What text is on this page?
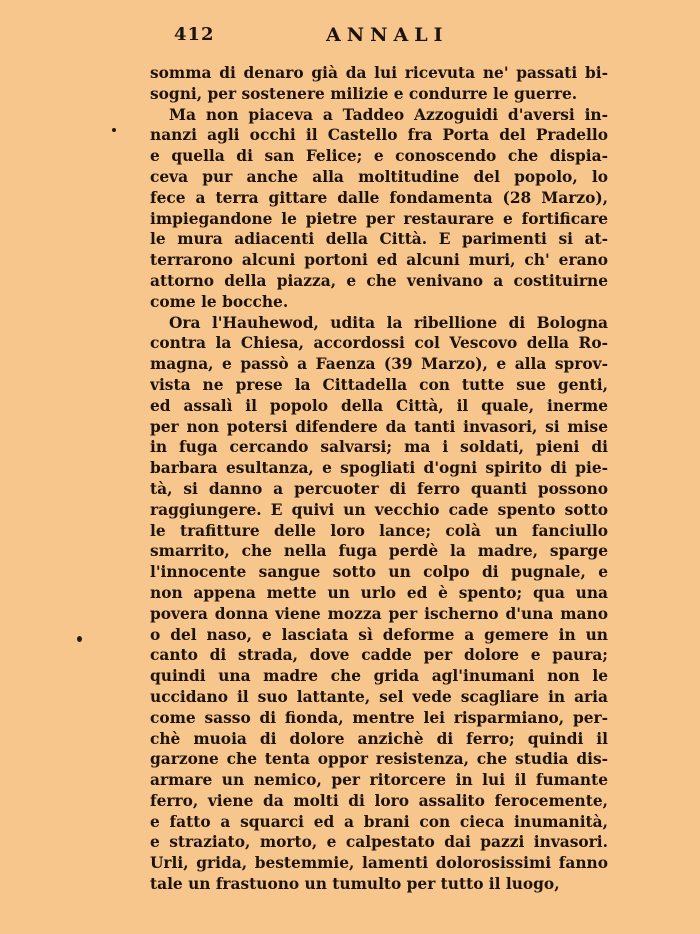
412	ANNALI
somma di denaro già da lui ricevuta ne' passati bi-
sogni, per sostenere milizie e condurre le guerre.
Ma non piaceva a Taddeo Azzoguidi d'aversi in-
nanzi agli occhi il Castello fra Porta del Pradello
e quella di san Felice; e conoscendo che dispia-
ceva pur anche alla moltitudine del popolo, lo
fece a terra gittare dalle fondamenta (28 Marzo),
impiegandone le pietre per restaurare e fortificare
le mura adiacenti della Città. E parimenti si at-
terrarono alcuni portoni ed alcuni muri, ch' erano
attorno della piazza, e che venivano a costituirne
come le bocche.
Ora l'Hauhewod, udita la ribellione di Bologna
contra la Chiesa, accordossi col Vescovo della Ro-
magna, e passò a Faenza (39 Marzo), e alla sprov-
vista ne prese la Cittadella con tutte sue genti,
ed assalì il popolo della Città, il quale, inerme
per non potersi difendere da tanti invasori, si mise
in fuga cercando salvarsi; ma i soldati, pieni di
barbara esultanza, e spogliati d'ogni spirito di pie-
tà, si danno a percuoter di ferro quanti possono
raggiungere. E quivi un vecchio cade spento sotto
le trafitture delle loro lance; colà un fanciullo
smarrito, che nella fuga perdè la madre, sparge
l'innocente sangue sotto un colpo di pugnale, e
non appena mette un urlo ed è spento; qua una
povera donna viene mozza per ischerno d'una mano
o del naso, e lasciata sì deforme a gemere in un
canto di strada, dove cadde per dolore e paura;
quindi una madre che grida agl'inumani non le
uccidano il suo lattante, sel vede scagliare in aria
come sasso di fionda, mentre lei risparmiano, per-
chè muoia di dolore anzichè di ferro; quindi il
garzone che tenta oppor resistenza, che studia dis-
armare un nemico, per ritorcere in lui il fumante
ferro, viene da molti di loro assalito ferocemente,
e fatto a squarci ed a brani con cieca inumanità,
e straziato, morto, e calpestato dai pazzi invasori.
Urli, grida, bestemmie, lamenti dolorosissimi fanno
tale un frastuono un tumulto per tutto il luogo,
